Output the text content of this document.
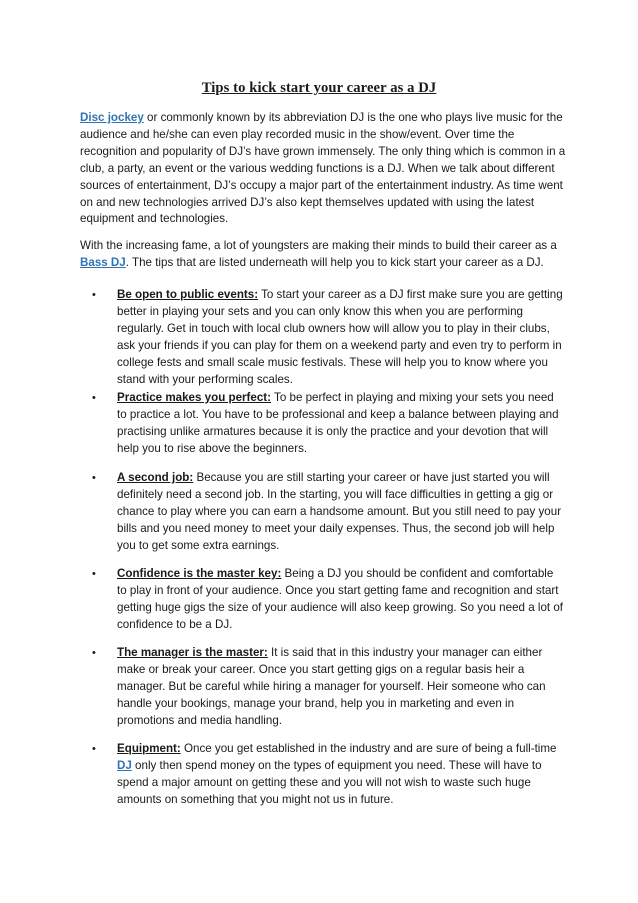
Tips to kick start your career as a DJ

Disc jockey or commonly known by its abbreviation DJ is the one who plays live music for the audience and he/she can even play recorded music in the show/event. Over time the recognition and popularity of DJ’s have grown immensely. The only thing which is common in a club, a party, an event or the various wedding functions is a DJ. When we talk about different sources of entertainment, DJ’s occupy a major part of the entertainment industry. As time went on and new technologies arrived DJ’s also kept themselves updated with using the latest equipment and technologies.

With the increasing fame, a lot of youngsters are making their minds to build their career as a Bass DJ. The tips that are listed underneath will help you to kick start your career as a DJ.

•	Be open to public events: To start your career as a DJ first make sure you are getting better in playing your sets and you can only know this when you are performing regularly. Get in touch with local club owners how will allow you to play in their clubs, ask your friends if you can play for them on a weekend party and even try to perform in college fests and small scale music festivals. These will help you to know where you stand with your performing scales.
•	Practice makes you perfect: To be perfect in playing and mixing your sets you need to practice a lot. You have to be professional and keep a balance between playing and practising unlike armatures because it is only the practice and your devotion that will help you to rise above the beginners.
•	A second job: Because you are still starting your career or have just started you will definitely need a second job. In the starting, you will face difficulties in getting a gig or chance to play where you can earn a handsome amount. But you still need to pay your bills and you need money to meet your daily expenses. Thus, the second job will help you to get some extra earnings.
•	Confidence is the master key: Being a DJ you should be confident and comfortable to play in front of your audience. Once you start getting fame and recognition and start getting huge gigs the size of your audience will also keep growing. So you need a lot of confidence to be a DJ.
•	The manager is the master: It is said that in this industry your manager can either make or break your career. Once you start getting gigs on a regular basis heir a manager. But be careful while hiring a manager for yourself. Heir someone who can handle your bookings, manage your brand, help you in marketing and even in promotions and media handling.
•	Equipment: Once you get established in the industry and are sure of being a full-time DJ only then spend money on the types of equipment you need. These will have to spend a major amount on getting these and you will not wish to waste such huge amounts on something that you might not us in future.
